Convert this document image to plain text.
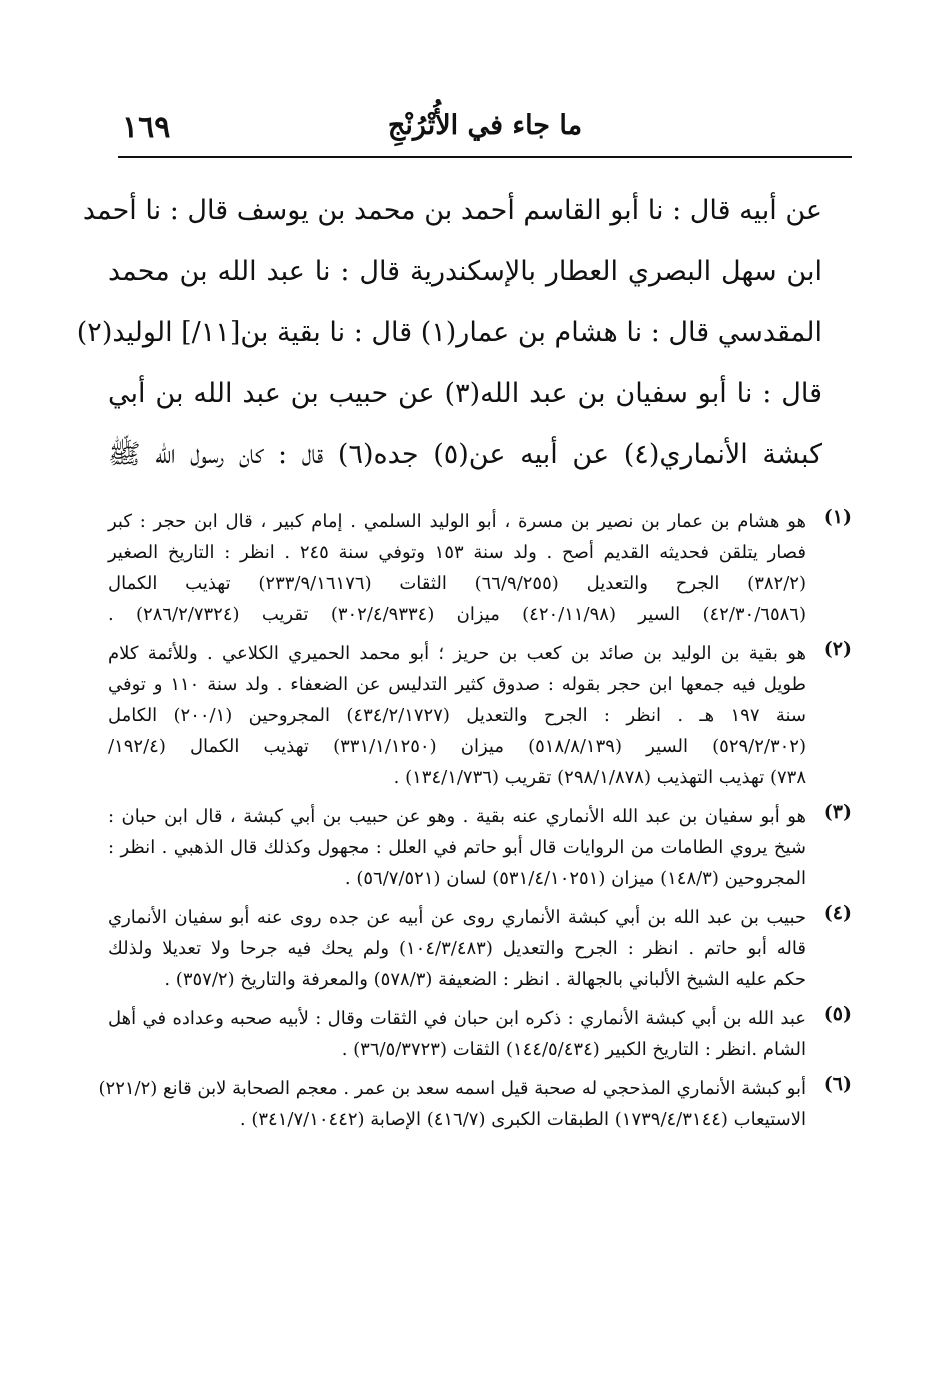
١٦٩	ما جاء في الأُتْرُنْجِ
عن أبيه قال : نا أبو القاسم أحمد بن محمد بن يوسف قال : نا أحمد
ابن سهل البصري العطار بالإسكندرية قال : نا عبد الله بن محمد
المقدسي قال : نا هشام بن عمار(١) قال : نا بقية بن[١١/] الوليد(٢)
قال : نا أبو سفيان بن عبد الله(٣) عن حبيب بن عبد الله بن أبي
كبشة الأنماري(٤) عن أبيه عن(٥) جده(٦) قال : كان رسول الله ﷺ
(١)
هو هشام بن عمار بن نصير بن مسرة ، أبو الوليد السلمي . إمام كبير ، قال ابن حجر : كبر
فصار يتلقن فحديثه القديم أصح . ولد سنة ١٥٣ وتوفي سنة ٢٤٥ . انظر : التاريخ الصغير
(٣٨٢/٢) الجرح والتعديل (٦٦/٩/٢٥٥) الثقات (٢٣٣/٩/١٦١٧٦) تهذيب الكمال
(٤٢/٣٠/٦٥٨٦) السير (٤٢٠/١١/٩٨) ميزان (٣٠٢/٤/٩٣٣٤) تقريب (٢٨٦/٢/٧٣٢٤) .
(٢)
هو بقية بن الوليد بن صائد بن كعب بن حريز ؛ أبو محمد الحميري الكلاعي . وللأئمة كلام
طويل فيه جمعها ابن حجر بقوله : صدوق كثير التدليس عن الضعفاء . ولد سنة ١١٠ و توفي
سنة ١٩٧ هـ . انظر : الجرح والتعديل (٤٣٤/٢/١٧٢٧) المجروحين (٢٠٠/١) الكامل
(٥٢٩/٢/٣٠٢) السير (٥١٨/٨/١٣٩) ميزان (٣٣١/١/١٢٥٠) تهذيب الكمال (١٩٢/٤/
٧٣٨) تهذيب التهذيب (٢٩٨/١/٨٧٨) تقريب (١٣٤/١/٧٣٦) .
(٣)
هو أبو سفيان بن عبد الله الأنماري عنه بقية . وهو عن حبيب بن أبي كبشة ، قال ابن حبان :
شيخ يروي الطامات من الروايات قال أبو حاتم في العلل : مجهول وكذلك قال الذهبي . انظر :
المجروحين (١٤٨/٣) ميزان (٥٣١/٤/١٠٢٥١) لسان (٥٦/٧/٥٢١) .
(٤)
حبيب بن عبد الله بن أبي كبشة الأنماري روى عن أبيه عن جده روى عنه أبو سفيان الأنماري
قاله أبو حاتم . انظر : الجرح والتعديل (١٠٤/٣/٤٨٣) ولم يحك فيه جرحا ولا تعديلا ولذلك
حكم عليه الشيخ الألباني بالجهالة . انظر : الضعيفة (٥٧٨/٣) والمعرفة والتاريخ (٣٥٧/٢) .
(٥)
عبد الله بن أبي كبشة الأنماري : ذكره ابن حبان في الثقات وقال : لأبيه صحبه وعداده في أهل
الشام .انظر : التاريخ الكبير (١٤٤/٥/٤٣٤) الثقات (٣٦/٥/٣٧٢٣) .
(٦)
أبو كبشة الأنماري المذحجي له صحبة قيل اسمه سعد بن عمر . معجم الصحابة لابن قانع (٢٢١/٢)
الاستيعاب (١٧٣٩/٤/٣١٤٤) الطبقات الكبرى (٤١٦/٧) الإصابة (٣٤١/٧/١٠٤٤٢) .
